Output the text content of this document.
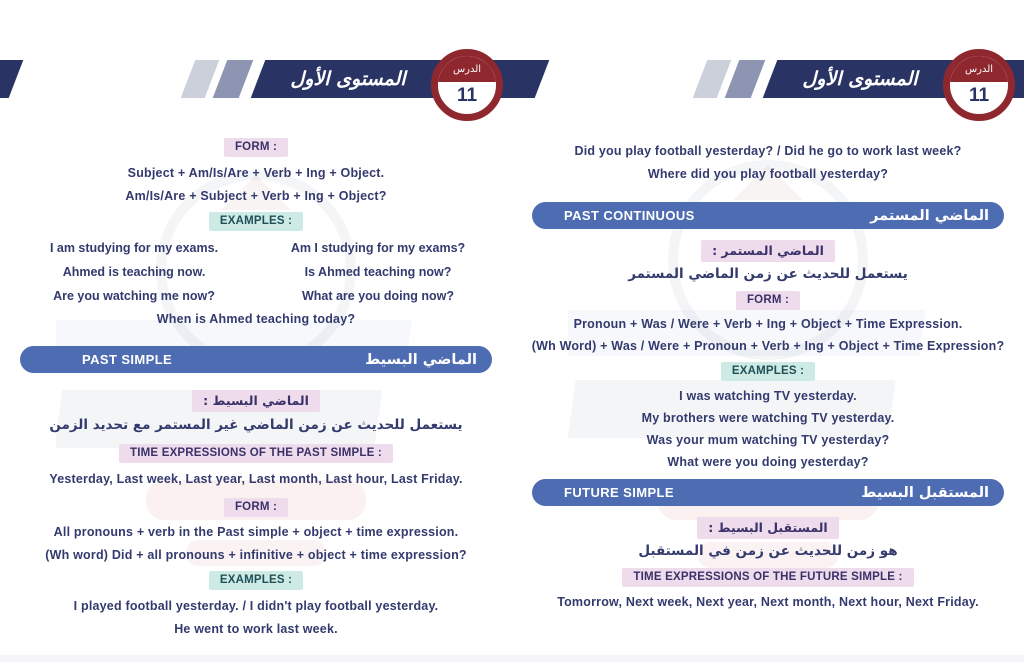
المستوى الأول	الدرس
11
FORM :
Subject + Am/Is/Are + Verb + Ing + Object.
Am/Is/Are + Subject + Verb + Ing + Object?
EXAMPLES :
I am studying for my exams.	Am I studying for my exams?
Ahmed is teaching now.	Is Ahmed teaching now?
Are you watching me now?	What are you doing now?
When is Ahmed teaching today?
PAST SIMPLE	الماضي البسيط
الماضي البسيط :
يستعمل للحديث عن زمن الماضي غير المستمر مع تحديد الزمن
TIME EXPRESSIONS OF THE PAST SIMPLE :
Yesterday, Last week, Last year, Last month, Last hour, Last Friday.
FORM :
All pronouns + verb in the Past simple + object + time expression.
(Wh word) Did + all pronouns + infinitive + object + time expression?
EXAMPLES :
I played football yesterday. / I didn't play football yesterday.
He went to work last week.
المستوى الأول	الدرس
11
Did you play football yesterday? / Did he go to work last week?
Where did you play football yesterday?
PAST CONTINUOUS	الماضي المستمر
الماضي المستمر :
يستعمل للحديث عن زمن الماضي المستمر
FORM :
Pronoun + Was / Were + Verb + Ing + Object + Time Expression.
(Wh Word) + Was / Were + Pronoun + Verb + Ing + Object + Time Expression?
EXAMPLES :
I was watching TV yesterday.
My brothers were watching TV yesterday.
Was your mum watching TV yesterday?
What were you doing yesterday?
FUTURE SIMPLE	المستقبل البسيط
المستقبل البسيط :
هو زمن للحديث عن زمن في المستقبل
TIME EXPRESSIONS OF THE FUTURE SIMPLE :
Tomorrow, Next week, Next year, Next month, Next hour, Next Friday.
